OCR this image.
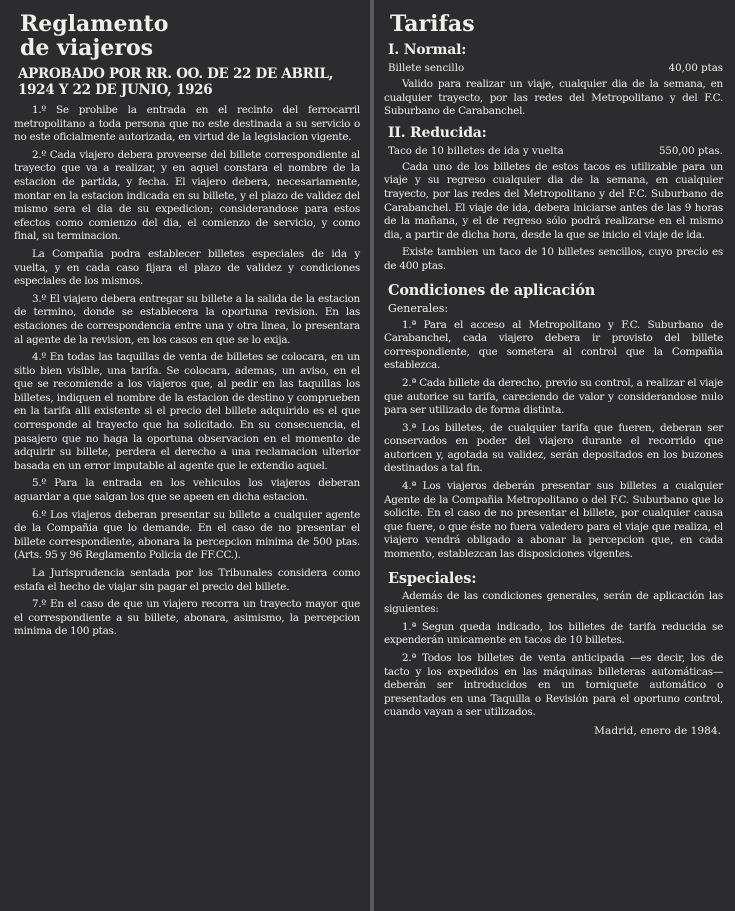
Reglamento
de viajeros
APROBADO POR RR. OO. DE 22 DE ABRIL, 1924 Y 22 DE JUNIO, 1926

1.º Se prohibe la entrada en el recinto del ferrocarril metropolitano a toda persona que no este destinada a su servicio o no este oficialmente autorizada, en virtud de la legislacion vigente.

2.º Cada viajero debera proveerse del billete correspondiente al trayecto que va a realizar, y en aquel constara el nombre de la estacion de partida, y fecha. El viajero debera, necesariamente, montar en la estacion indicada en su billete, y el plazo de validez del mismo sera el dia de su expedicion; considerandose para estos efectos como comienzo del dia, el comienzo de servicio, y como final, su terminacion.

La Compañia podra establecer billetes especiales de ida y vuelta, y en cada caso fijara el plazo de validez y condiciones especiales de los mismos.

3.º El viajero debera entregar su billete a la salida de la estacion de termino, donde se establecera la oportuna revision. En las estaciones de correspondencia entre una y otra linea, lo presentara al agente de la revision, en los casos en que se lo exija.

4.º En todas las taquillas de venta de billetes se colocara, en un sitio bien visible, una tarifa. Se colocara, ademas, un aviso, en el que se recomiende a los viajeros que, al pedir en las taquillas los billetes, indiquen el nombre de la estacion de destino y comprueben en la tarifa alli existente si el precio del billete adquirido es el que corresponde al trayecto que ha solicitado. En su consecuencia, el pasajero que no haga la oportuna observacion en el momento de adquirir su billete, perdera el derecho a una reclamacion ulterior basada en un error imputable al agente que le extendio aquel.

5.º Para la entrada en los vehiculos los viajeros deberan aguardar a que salgan los que se apeen en dicha estacion.

6.º Los viajeros deberan presentar su billete a cualquier agente de la Compañia que lo demande. En el caso de no presentar el billete correspondiente, abonara la percepcion minima de 500 ptas. (Arts. 95 y 96 Reglamento Policia de FF.CC.).

La Jurisprudencia sentada por los Tribunales considera como estafa el hecho de viajar sin pagar el precio del billete.

7.º En el caso de que un viajero recorra un trayecto mayor que el correspondiente a su billete, abonara, asimismo, la percepcion minima de 100 ptas.

Tarifas
I. Normal:
Billete sencillo	40,00 ptas

Valido para realizar un viaje, cualquier dia de la semana, en cualquier trayecto, por las redes del Metropolitano y del F.C. Suburbano de Carabanchel.

II. Reducida:
Taco de 10 billetes de ida y vuelta	550,00 ptas.

Cada uno de los billetes de estos tacos es utilizable para un viaje y su regreso cualquier dia de la semana, en cualquier trayecto, por las redes del Metropolitano y del F.C. Suburbano de Carabanchel. El viaje de ida, debera iniciarse antes de las 9 horas de la mañana, y el de regreso sólo podrá realizarse en el mismo dia, a partir de dicha hora, desde la que se inicio el viaje de ida.

Existe tambien un taco de 10 billetes sencillos, cuyo precio es de 400 ptas.

Condiciones de aplicación
Generales:

1.ª Para el acceso al Metropolitano y F.C. Suburbano de Carabanchel, cada viajero debera ir provisto del billete correspondiente, que sometera al control que la Compañia establezca.

2.ª Cada billete da derecho, previo su control, a realizar el viaje que autorice su tarifa, careciendo de valor y considerandose nulo para ser utilizado de forma distinta.

3.ª Los billetes, de cualquier tarifa que fueren, deberan ser conservados en poder del viajero durante el recorrido que autoricen y, agotada su validez, serán depositados en los buzones destinados a tal fin.

4.ª Los viajeros deberán presentar sus billetes a cualquier Agente de la Compañia Metropolitano o del F.C. Suburbano que lo solicite. En el caso de no presentar el billete, por cualquier causa que fuere, o que éste no fuera valedero para el viaje que realiza, el viajero vendrá obligado a abonar la percepcion que, en cada momento, establezcan las disposiciones vigentes.

Especiales:

Además de las condiciones generales, serán de aplicación las siguientes:

1.ª Segun queda indicado, los billetes de tarifa reducida se expenderán unicamente en tacos de 10 billetes.

2.ª Todos los billetes de venta anticipada —es decir, los de tacto y los expedidos en las máquinas billeteras automáticas— deberán ser introducidos en un torniquete automático o presentados en una Taquilla o Revisión para el oportuno control, cuando vayan a ser utilizados.

Madrid, enero de 1984.
